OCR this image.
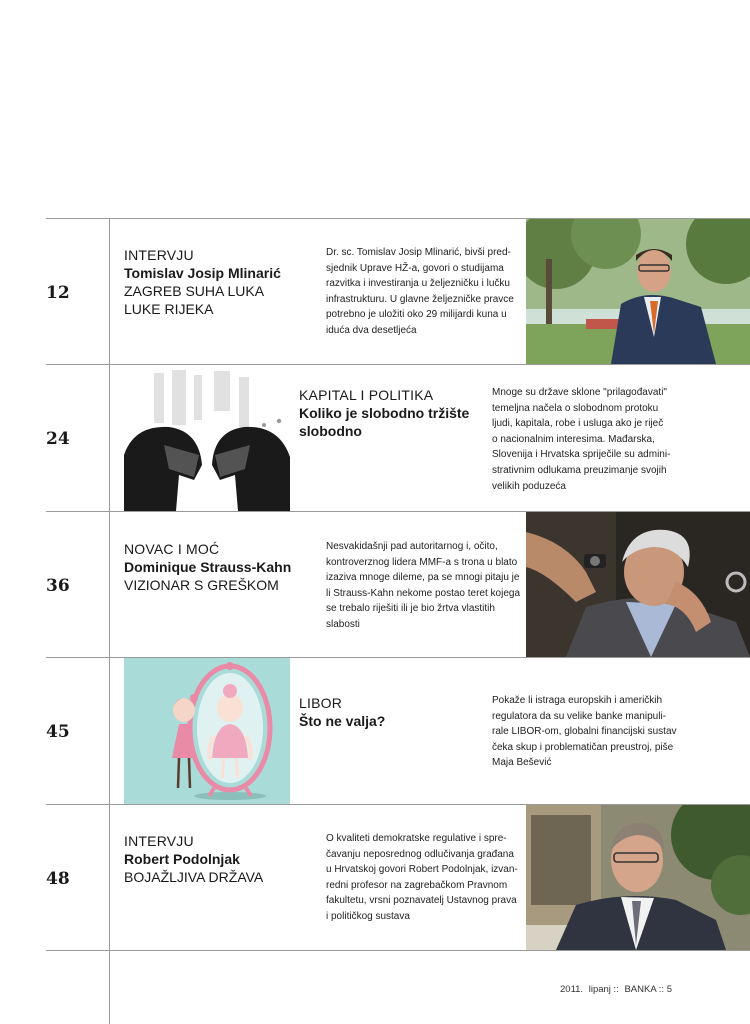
12
INTERVJU
Tomislav Josip Mlinarić
ZAGREB SUHA LUKA
LUKE RIJEKA
Dr. sc. Tomislav Josip Mlinarić, bivši pred-
sjednik Uprave HŽ-a, govori o studijama
razvitka i investiranja u željezničku i lučku
infrastrukturu. U glavne željezničke pravce
potrebno je uložiti oko 29 milijardi kuna u
idućа dva desetljeća
24
KAPITAL I POLITIKA
Koliko je slobodno tržište
slobodno
Mnoge su države sklone "prilagođavati"
temeljna načela o slobodnom protoku
ljudi, kapitala, robe i usluga ako je riječ
o nacionalnim interesima. Mađarska,
Slovenija i Hrvatska spriječile su admini-
strativnim odlukama preuzimanje svojih
velikih poduzeća
36
NOVAC I MOĆ
Dominique Strauss-Kahn
VIZIONAR S GREŠKOM
Nesvakidašnji pad autoritarnog i, očito,
kontroverznog lidera MMF-a s trona u blato
izaziva mnoge dileme, pa se mnogi pitaju je
li Strauss-Kahn nekome postao teret kojega
se trebalo riješiti ili je bio žrtva vlastitih
slabosti
45
LIBOR
Što ne valja?
Pokaže li istraga europskih i američkih
regulatora da su velike banke manipuli-
rale LIBOR-om, globalni financijski sustav
čeka skup i problematičan preustroj, piše
Maja Bešević
48
INTERVJU
Robert Podolnjak
BOJAŽLJIVA DRŽAVA
O kvaliteti demokratske regulative i spre-
čavanju neposrednog odlučivanja građana
u Hrvatskoj govori Robert Podolnjak, izvan-
redni profesor na zagrebačkom Pravnom
fakultetu, vrsni poznavatelj Ustavnog prava
i političkog sustava
2011. lipanj :: BANKA :: 5
